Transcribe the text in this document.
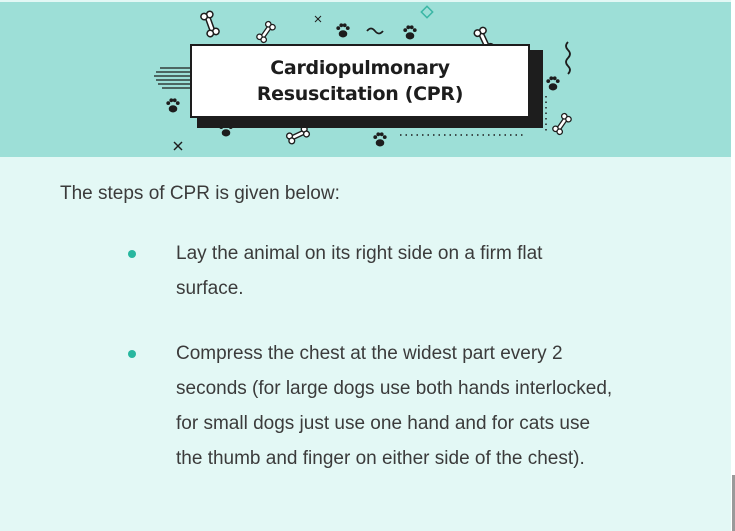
Cardiopulmonary
Resuscitation (CPR)

The steps of CPR is given below:

Lay the animal on its right side on a firm flat surface.
Compress the chest at the widest part every 2 seconds (for large dogs use both hands interlocked, for small dogs just use one hand and for cats use the thumb and finger on either side of the chest).
